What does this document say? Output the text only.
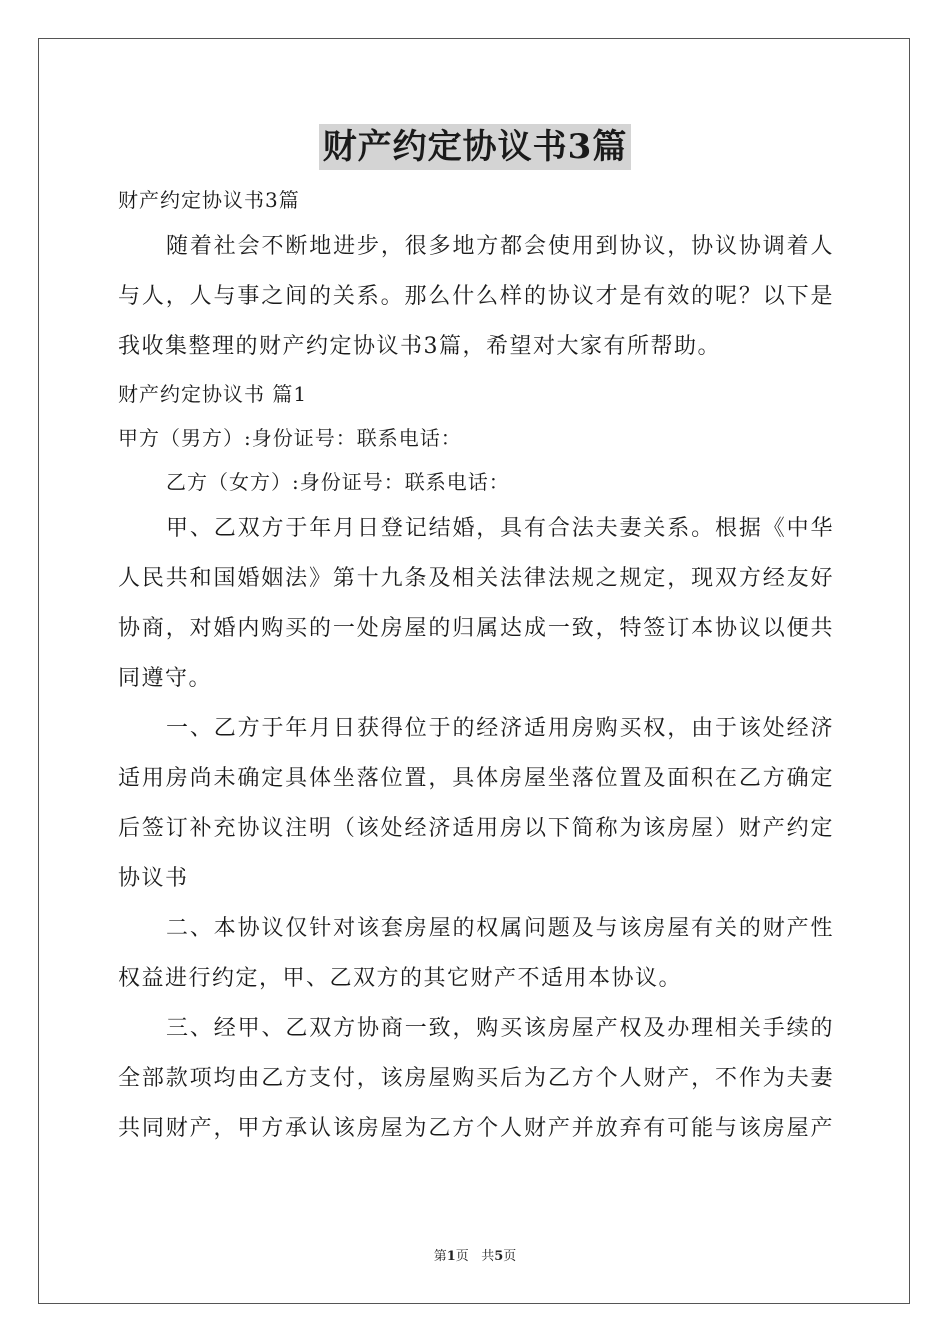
财产约定协议书3篇
财产约定协议书3篇
随着社会不断地进步，很多地方都会使用到协议，协议协调着人
与人，人与事之间的关系。那么什么样的协议才是有效的呢？以下是
我收集整理的财产约定协议书3篇，希望对大家有所帮助。
财产约定协议书 篇1
甲方（男方）:身份证号：联系电话：
乙方（女方）:身份证号：联系电话：
甲、乙双方于年月日登记结婚，具有合法夫妻关系。根据《中华
人民共和国婚姻法》第十九条及相关法律法规之规定，现双方经友好
协商，对婚内购买的一处房屋的归属达成一致，特签订本协议以便共
同遵守。
一、乙方于年月日获得位于的经济适用房购买权，由于该处经济
适用房尚未确定具体坐落位置，具体房屋坐落位置及面积在乙方确定
后签订补充协议注明（该处经济适用房以下简称为该房屋）财产约定
协议书
二、本协议仅针对该套房屋的权属问题及与该房屋有关的财产性
权益进行约定，甲、乙双方的其它财产不适用本协议。
三、经甲、乙双方协商一致，购买该房屋产权及办理相关手续的
全部款项均由乙方支付，该房屋购买后为乙方个人财产，不作为夫妻
共同财产，甲方承认该房屋为乙方个人财产并放弃有可能与该房屋产
第1页 共5页
